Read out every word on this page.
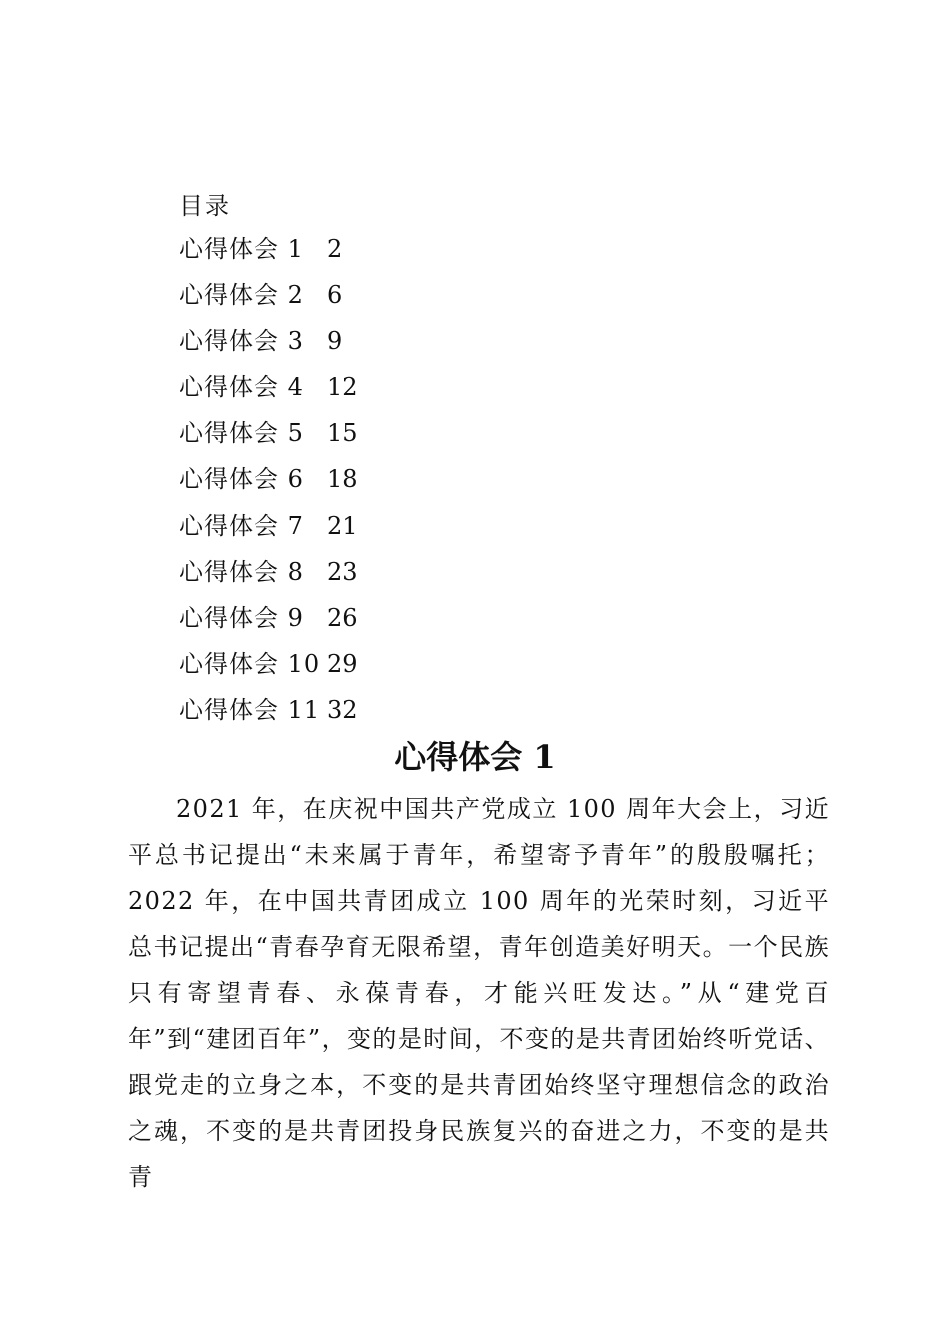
目录
心得体会 1 2
心得体会 2 6
心得体会 3 9
心得体会 4 12
心得体会 5 15
心得体会 6 18
心得体会 7 21
心得体会 8 23
心得体会 9 26
心得体会 10 29
心得体会 11 32
心得体会 1

2021 年，在庆祝中国共产党成立 100 周年大会上，习近平总书记提出“未来属于青年，希望寄予青年”的殷殷嘱托；2022 年，在中国共青团成立 100 周年的光荣时刻，习近平总书记提出“青春孕育无限希望，青年创造美好明天。一个民族只有寄望青春、永葆青春，才能兴旺发达。”从“建党百年”到“建团百年”，变的是时间，不变的是共青团始终听党话、跟党走的立身之本，不变的是共青团始终坚守理想信念的政治之魂，不变的是共青团投身民族复兴的奋进之力，不变的是共青
